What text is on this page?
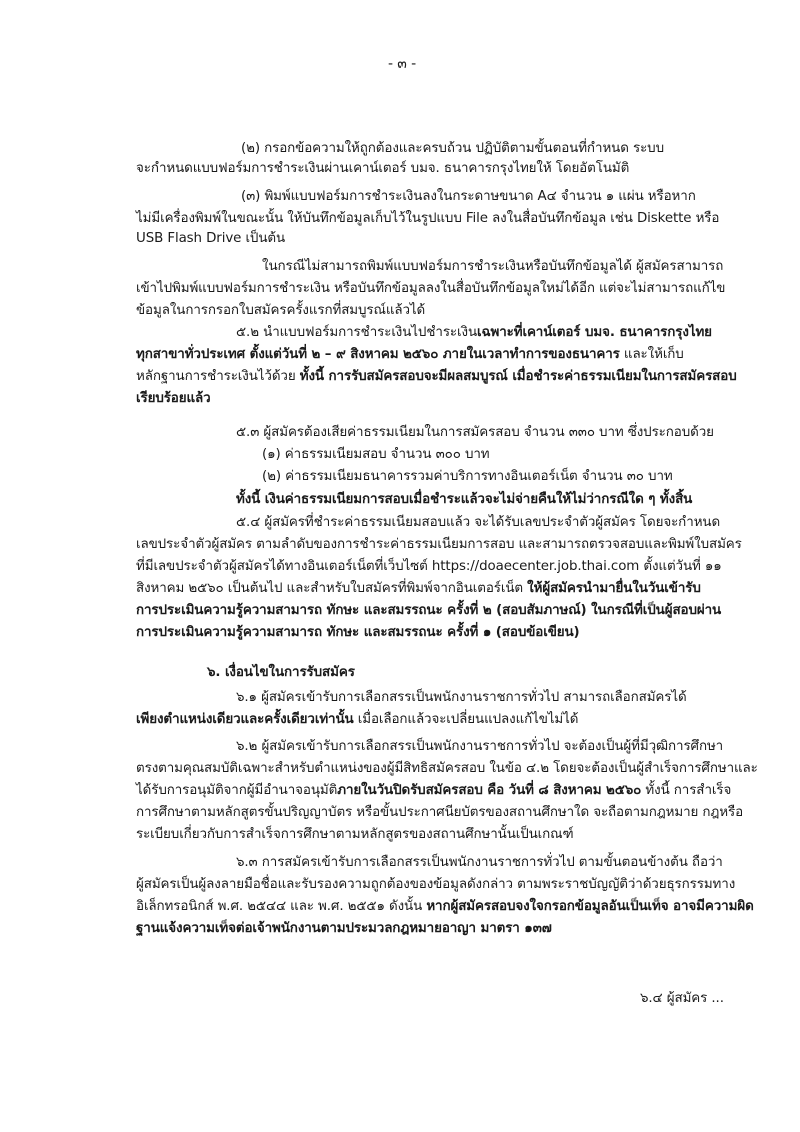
- ๓ -
(๒) กรอกข้อความให้ถูกต้องและครบถ้วน ปฏิบัติตามขั้นตอนที่กำหนด ระบบ
จะกำหนดแบบฟอร์มการชำระเงินผ่านเคาน์เตอร์ บมจ. ธนาคารกรุงไทยให้ โดยอัตโนมัติ
(๓) พิมพ์แบบฟอร์มการชำระเงินลงในกระดาษขนาด A๔ จำนวน ๑ แผ่น หรือหาก
ไม่มีเครื่องพิมพ์ในขณะนั้น ให้บันทึกข้อมูลเก็บไว้ในรูปแบบ File ลงในสื่อบันทึกข้อมูล เช่น Diskette หรือ
USB Flash Drive เป็นต้น
ในกรณีไม่สามารถพิมพ์แบบฟอร์มการชำระเงินหรือบันทึกข้อมูลได้ ผู้สมัครสามารถ
เข้าไปพิมพ์แบบฟอร์มการชำระเงิน หรือบันทึกข้อมูลลงในสื่อบันทึกข้อมูลใหม่ได้อีก แต่จะไม่สามารถแก้ไข
ข้อมูลในการกรอกใบสมัครครั้งแรกที่สมบูรณ์แล้วได้
๕.๒ นำแบบฟอร์มการชำระเงินไปชำระเงินเฉพาะที่เคาน์เตอร์ บมจ. ธนาคารกรุงไทย
ทุกสาขาทั่วประเทศ ตั้งแต่วันที่ ๒ – ๙ สิงหาคม ๒๕๖๐ ภายในเวลาทำการของธนาคาร และให้เก็บ
หลักฐานการชำระเงินไว้ด้วย ทั้งนี้ การรับสมัครสอบจะมีผลสมบูรณ์ เมื่อชำระค่าธรรมเนียมในการสมัครสอบ
เรียบร้อยแล้ว
๕.๓ ผู้สมัครต้องเสียค่าธรรมเนียมในการสมัครสอบ จำนวน ๓๓๐ บาท ซึ่งประกอบด้วย
(๑) ค่าธรรมเนียมสอบ จำนวน ๓๐๐ บาท
(๒) ค่าธรรมเนียมธนาคารรวมค่าบริการทางอินเตอร์เน็ต จำนวน ๓๐ บาท
ทั้งนี้ เงินค่าธรรมเนียมการสอบเมื่อชำระแล้วจะไม่จ่ายคืนให้ไม่ว่ากรณีใด ๆ ทั้งสิ้น
๕.๔ ผู้สมัครที่ชำระค่าธรรมเนียมสอบแล้ว จะได้รับเลขประจำตัวผู้สมัคร โดยจะกำหนด
เลขประจำตัวผู้สมัคร ตามลำดับของการชำระค่าธรรมเนียมการสอบ และสามารถตรวจสอบและพิมพ์ใบสมัคร
ที่มีเลขประจำตัวผู้สมัครได้ทางอินเตอร์เน็ตที่เว็บไซต์ https://doaecenter.job.thai.com ตั้งแต่วันที่ ๑๑
สิงหาคม ๒๕๖๐ เป็นต้นไป และสำหรับใบสมัครที่พิมพ์จากอินเตอร์เน็ต ให้ผู้สมัครนำมายื่นในวันเข้ารับ
การประเมินความรู้ความสามารถ ทักษะ และสมรรถนะ ครั้งที่ ๒ (สอบสัมภาษณ์) ในกรณีที่เป็นผู้สอบผ่าน
การประเมินความรู้ความสามารถ ทักษะ และสมรรถนะ ครั้งที่ ๑ (สอบข้อเขียน)
๖. เงื่อนไขในการรับสมัคร
๖.๑ ผู้สมัครเข้ารับการเลือกสรรเป็นพนักงานราชการทั่วไป สามารถเลือกสมัครได้
เพียงตำแหน่งเดียวและครั้งเดียวเท่านั้น เมื่อเลือกแล้วจะเปลี่ยนแปลงแก้ไขไม่ได้
๖.๒ ผู้สมัครเข้ารับการเลือกสรรเป็นพนักงานราชการทั่วไป จะต้องเป็นผู้ที่มีวุฒิการศึกษา
ตรงตามคุณสมบัติเฉพาะสำหรับตำแหน่งของผู้มีสิทธิสมัครสอบ ในข้อ ๔.๒ โดยจะต้องเป็นผู้สำเร็จการศึกษาและ
ได้รับการอนุมัติจากผู้มีอำนาจอนุมัติภายในวันปิดรับสมัครสอบ คือ วันที่ ๘ สิงหาคม ๒๕๖๐ ทั้งนี้ การสำเร็จ
การศึกษาตามหลักสูตรขั้นปริญญาบัตร หรือขั้นประกาศนียบัตรของสถานศึกษาใด จะถือตามกฎหมาย กฎหรือ
ระเบียบเกี่ยวกับการสำเร็จการศึกษาตามหลักสูตรของสถานศึกษานั้นเป็นเกณฑ์
๖.๓ การสมัครเข้ารับการเลือกสรรเป็นพนักงานราชการทั่วไป ตามขั้นตอนข้างต้น ถือว่า
ผู้สมัครเป็นผู้ลงลายมือชื่อและรับรองความถูกต้องของข้อมูลดังกล่าว ตามพระราชบัญญัติว่าด้วยธุรกรรมทาง
อิเล็กทรอนิกส์ พ.ศ. ๒๕๔๔ และ พ.ศ. ๒๕๕๑ ดังนั้น หากผู้สมัครสอบจงใจกรอกข้อมูลอันเป็นเท็จ อาจมีความผิด
ฐานแจ้งความเท็จต่อเจ้าพนักงานตามประมวลกฎหมายอาญา มาตรา ๑๓๗
๖.๔ ผู้สมัคร ...
